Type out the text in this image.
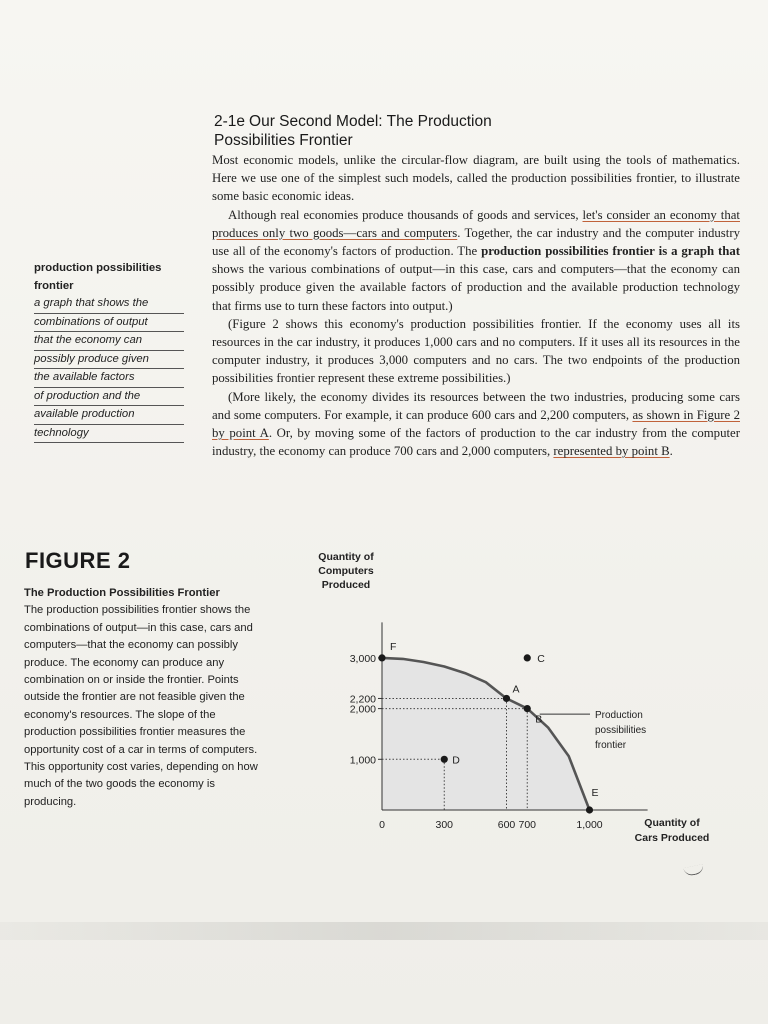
2-1e Our Second Model: The Production
Possibilities Frontier

Most economic models, unlike the circular-flow diagram, are built using the tools of mathematics. Here we use one of the simplest such models, called the production possibilities frontier, to illustrate some basic economic ideas.

Although real economies produce thousands of goods and services, let's consider an economy that produces only two goods—cars and computers. Together, the car industry and the computer industry use all of the economy's factors of production. The production possibilities frontier is a graph that shows the various combinations of output—in this case, cars and computers—that the economy can possibly produce given the available factors of production and the available production technology that firms use to turn these factors into output.)

(Figure 2 shows this economy's production possibilities frontier. If the economy uses all its resources in the car industry, it produces 1,000 cars and no computers. If it uses all its resources in the computer industry, it produces 3,000 computers and no cars. The two endpoints of the production possibilities frontier represent these extreme possibilities.)

(More likely, the economy divides its resources between the two industries, producing some cars and some computers. For example, it can produce 600 cars and 2,200 computers, as shown in Figure 2 by point A. Or, by moving some of the factors of production to the car industry from the computer industry, the economy can produce 700 cars and 2,000 computers, represented by point B.

production possibilities frontier
a graph that shows the
combinations of output
that the economy can
possibly produce given
the available factors
of production and the
available production
technology
FIGURE 2
The Production Possibilities Frontier
The production possibilities frontier shows the combinations of output—in this case, cars and computers—that the economy can possibly produce. The economy can produce any combination on or inside the frontier. Points outside the frontier are not feasible given the economy's resources. The slope of the production possibilities frontier measures the opportunity cost of a car in terms of computers. This opportunity cost varies, depending on how much of the two goods the economy is producing.
1,000
2,000
2,200
3,000
0	300	600 700	1,000
F
A
B
C
D
E
Quantity of
Computers
Produced
Quantity of
Cars Produced
Production
possibilities
frontier
